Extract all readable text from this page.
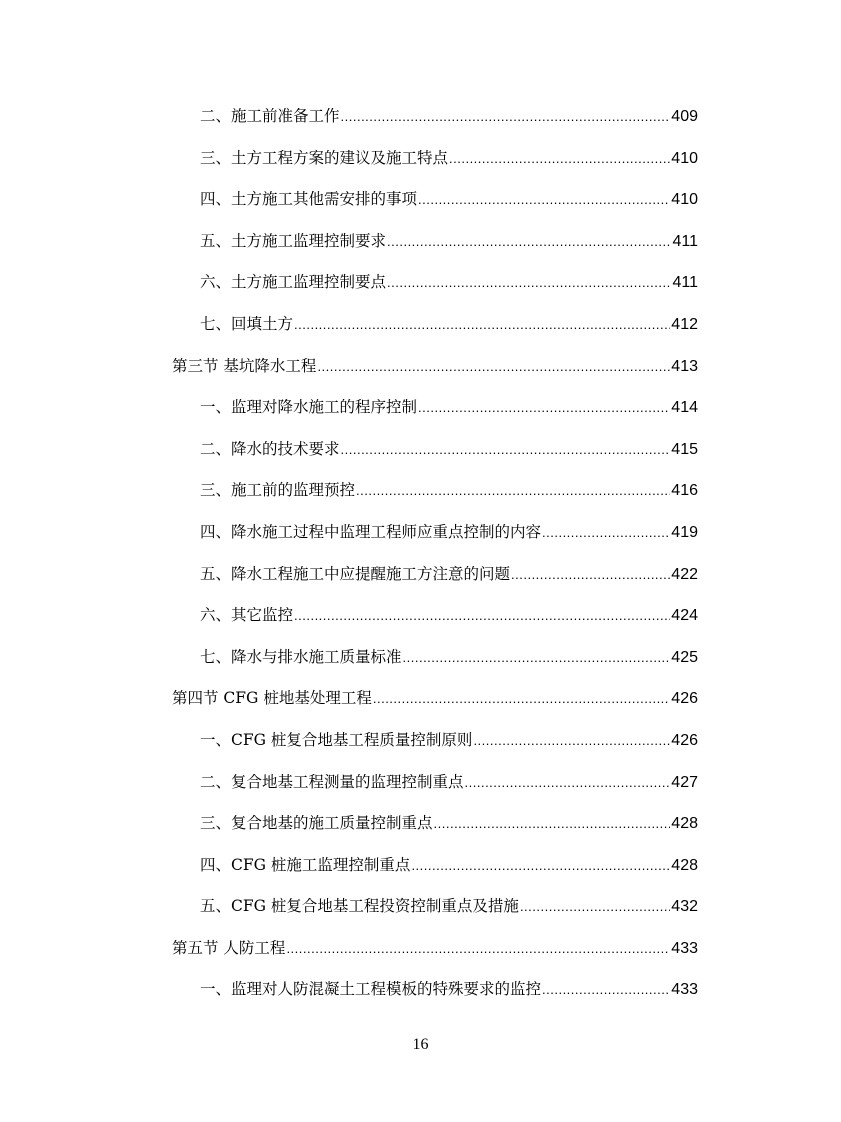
二、施工前准备工作 .....	409
三、土方工程方案的建议及施工特点 .....	410
四、土方施工其他需安排的事项 .....	410
五、土方施工监理控制要求 .....	411
六、土方施工监理控制要点 .....	411
七、回填土方 .....	412
第三节 基坑降水工程 .....	413
一、监理对降水施工的程序控制 .....	414
二、降水的技术要求 .....	415
三、施工前的监理预控 .....	416
四、降水施工过程中监理工程师应重点控制的内容 .....	419
五、降水工程施工中应提醒施工方注意的问题 .....	422
六、其它监控 .....	424
七、降水与排水施工质量标准 .....	425
第四节 CFG 桩地基处理工程 .....	426
一、CFG 桩复合地基工程质量控制原则 .....	426
二、复合地基工程测量的监理控制重点 .....	427
三、复合地基的施工质量控制重点 .....	428
四、CFG 桩施工监理控制重点 .....	428
五、CFG 桩复合地基工程投资控制重点及措施 .....	432
第五节 人防工程 .....	433
一、监理对人防混凝土工程模板的特殊要求的监控 .....	433
16
